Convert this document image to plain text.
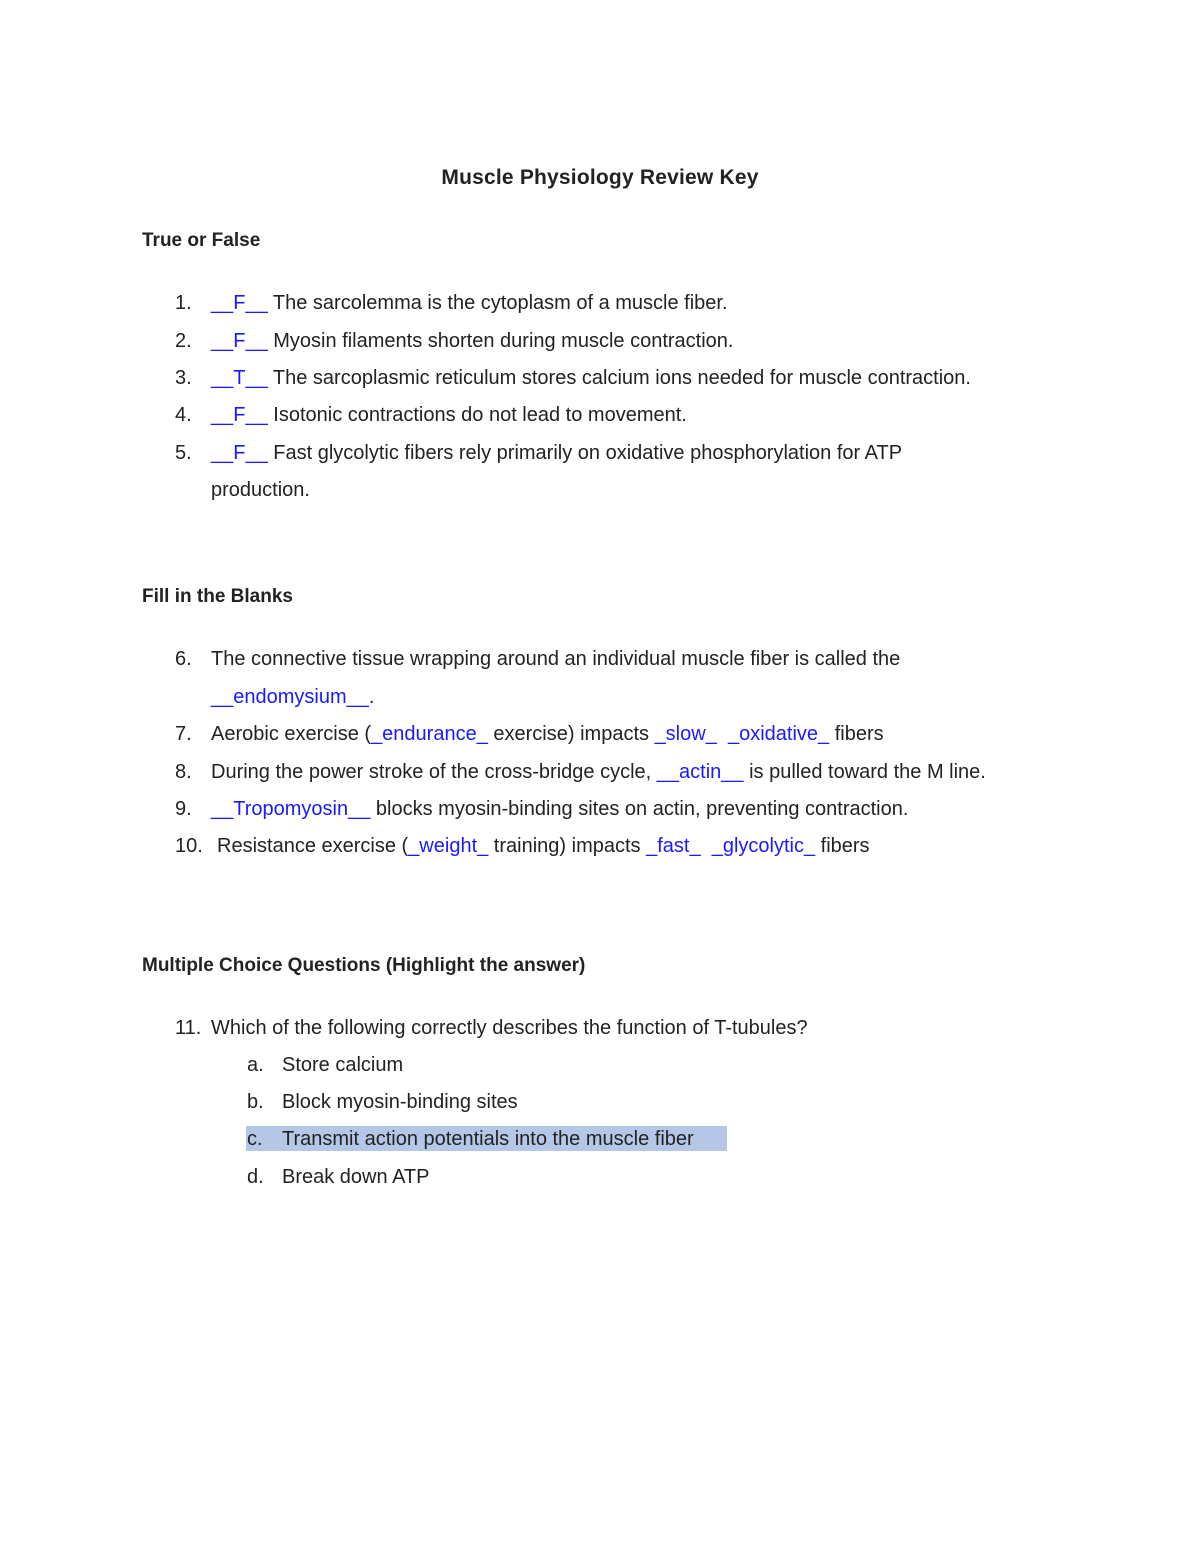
Muscle Physiology Review Key
True or False
1. __F__ The sarcolemma is the cytoplasm of a muscle fiber.
2. __F__ Myosin filaments shorten during muscle contraction.
3. __T__ The sarcoplasmic reticulum stores calcium ions needed for muscle contraction.
4. __F__ Isotonic contractions do not lead to movement.
5. __F__ Fast glycolytic fibers rely primarily on oxidative phosphorylation for ATP
production.
Fill in the Blanks
6. The connective tissue wrapping around an individual muscle fiber is called the
__endomysium__.
7. Aerobic exercise (_endurance_ exercise) impacts _slow_ _oxidative_ fibers
8. During the power stroke of the cross-bridge cycle, __actin__ is pulled toward the M line.
9. __Tropomyosin__ blocks myosin-binding sites on actin, preventing contraction.
10. Resistance exercise (_weight_ training) impacts _fast_ _glycolytic_ fibers
Multiple Choice Questions (Highlight the answer)
11. Which of the following correctly describes the function of T-tubules?
a. Store calcium
b. Block myosin-binding sites
c. Transmit action potentials into the muscle fiber
d. Break down ATP
